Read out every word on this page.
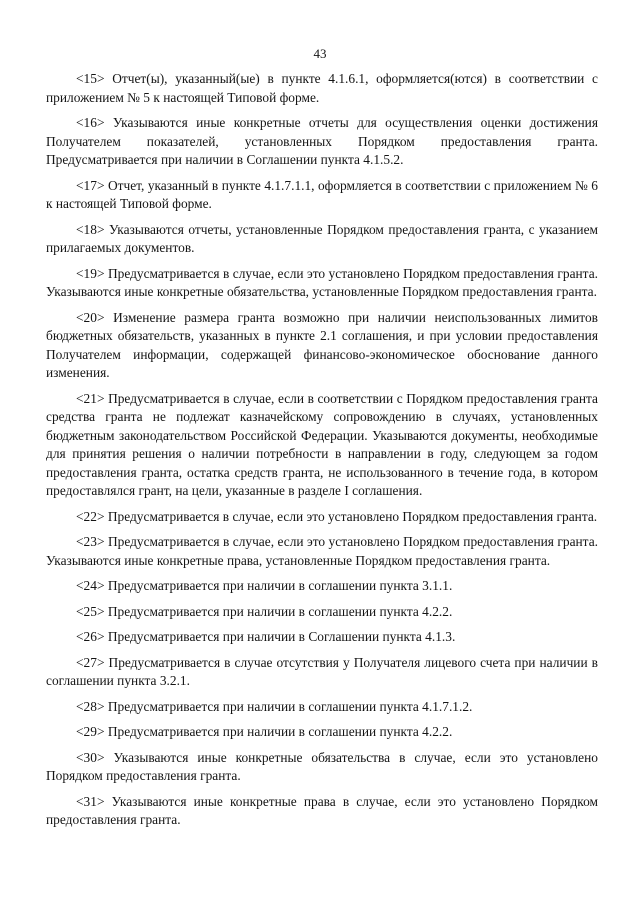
43

<15> Отчет(ы), указанный(ые) в пункте 4.1.6.1, оформляется(ются) в соответствии с приложением № 5 к настоящей Типовой форме.

<16> Указываются иные конкретные отчеты для осуществления оценки достижения Получателем показателей, установленных Порядком предоставления гранта. Предусматривается при наличии в Соглашении пункта 4.1.5.2.

<17> Отчет, указанный в пункте 4.1.7.1.1, оформляется в соответствии с приложением № 6 к настоящей Типовой форме.

<18> Указываются отчеты, установленные Порядком предоставления гранта, с указанием прилагаемых документов.

<19> Предусматривается в случае, если это установлено Порядком предоставления гранта. Указываются иные конкретные обязательства, установленные Порядком предоставления гранта.

<20> Изменение размера гранта возможно при наличии неиспользованных лимитов бюджетных обязательств, указанных в пункте 2.1 соглашения, и при условии предоставления Получателем информации, содержащей финансово-экономическое обоснование данного изменения.

<21> Предусматривается в случае, если в соответствии с Порядком предоставления гранта средства гранта не подлежат казначейскому сопровождению в случаях, установленных бюджетным законодательством Российской Федерации. Указываются документы, необходимые для принятия решения о наличии потребности в направлении в году, следующем за годом предоставления гранта, остатка средств гранта, не использованного в течение года, в котором предоставлялся грант, на цели, указанные в разделе I соглашения.

<22> Предусматривается в случае, если это установлено Порядком предоставления гранта.

<23> Предусматривается в случае, если это установлено Порядком предоставления гранта. Указываются иные конкретные права, установленные Порядком предоставления гранта.

<24> Предусматривается при наличии в соглашении пункта 3.1.1.

<25> Предусматривается при наличии в соглашении пункта 4.2.2.

<26> Предусматривается при наличии в Соглашении пункта 4.1.3.

<27> Предусматривается в случае отсутствия у Получателя лицевого счета при наличии в соглашении пункта 3.2.1.

<28> Предусматривается при наличии в соглашении пункта 4.1.7.1.2.

<29> Предусматривается при наличии в соглашении пункта 4.2.2.

<30> Указываются иные конкретные обязательства в случае, если это установлено Порядком предоставления гранта.

<31> Указываются иные конкретные права в случае, если это установлено Порядком предоставления гранта.
